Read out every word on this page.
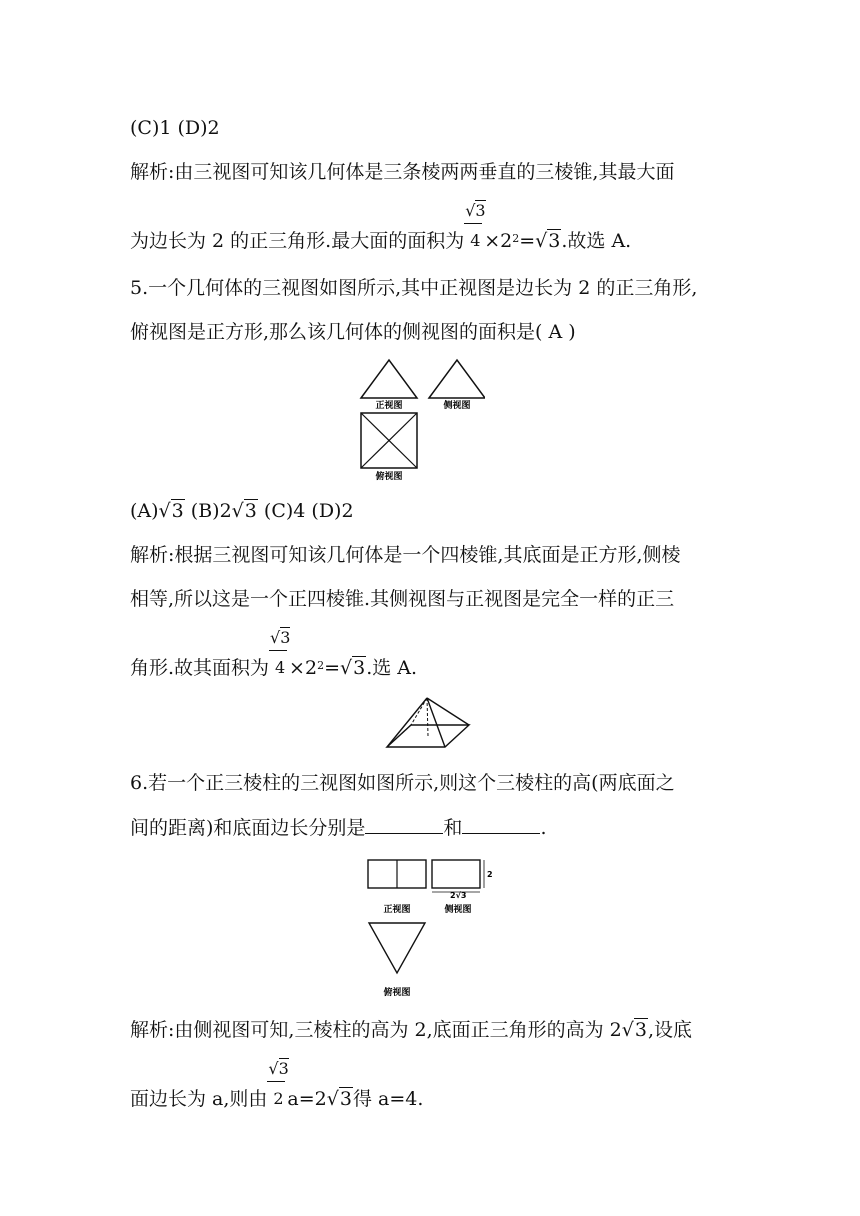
(C)1 (D)2
解析:由三视图可知该几何体是三条棱两两垂直的三棱锥,其最大面
为边长为 2 的正三角形.最大面的面积为 $\frac{√3}{4} \times 2^2=√3$.故选 A.
5.一个几何体的三视图如图所示,其中正视图是边长为 2 的正三角形,
俯视图是正方形,那么该几何体的侧视图的面积是( A )
正视图	侧视图
俯视图
(A)√3 (B)2√3 (C)4 (D)2
解析:根据三视图可知该几何体是一个四棱锥,其底面是正方形,侧棱
相等,所以这是一个正四棱锥.其侧视图与正视图是完全一样的正三
角形.故其面积为 $\frac{√3}{4} \times 2^2=√3$.选 A.
6.若一个正三棱柱的三视图如图所示,则这个三棱柱的高(两底面之
间的距离)和底面边长分别是	和	.
正视图
2
2√3
侧视图
俯视图
解析:由侧视图可知,三棱柱的高为 2,底面正三角形的高为 2√3,设底
面边长为 a,则由 $\frac{√3}{2} a=2√3$得 a=4.
